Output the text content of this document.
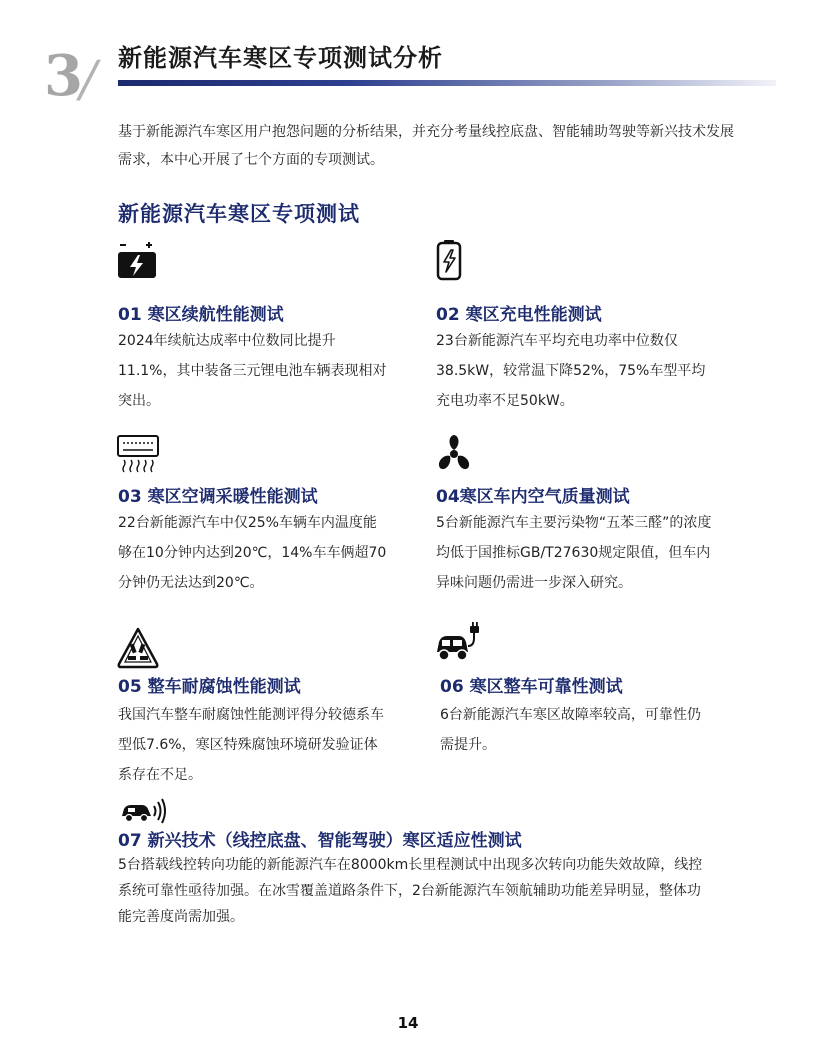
3 / 新能源汽车寒区专项测试分析
基于新能源汽车寒区用户抱怨问题的分析结果，并充分考量线控底盘、智能辅助驾驶等新兴技术发展需求，本中心开展了七个方面的专项测试。
新能源汽车寒区专项测试
01 寒区续航性能测试
2024年续航达成率中位数同比提升11.1%，其中装备三元锂电池车辆表现相对突出。
02 寒区充电性能测试
23台新能源汽车平均充电功率中位数仅38.5kW，较常温下降52%，75%车型平均充电功率不足50kW。
03 寒区空调采暖性能测试
22台新能源汽车中仅25%车辆车内温度能够在10分钟内达到20℃，14%车车俩超70分钟仍无法达到20℃。
04寒区车内空气质量测试
5台新能源汽车主要污染物“五苯三醛”的浓度均低于国推标GB/T27630规定限值，但车内异味问题仍需进一步深入研究。
05 整车耐腐蚀性能测试
我国汽车整车耐腐蚀性能测评得分较德系车型低7.6%，寒区特殊腐蚀环境研发验证体系存在不足。
06 寒区整车可靠性测试
6台新能源汽车寒区故障率较高，可靠性仍需提升。
07 新兴技术（线控底盘、智能驾驶）寒区适应性测试
5台搭载线控转向功能的新能源汽车在8000km长里程测试中出现多次转向功能失效故障，线控系统可靠性亟待加强。在冰雪覆盖道路条件下，2台新能源汽车领航辅助功能差异明显，整体功能完善度尚需加强。
14
